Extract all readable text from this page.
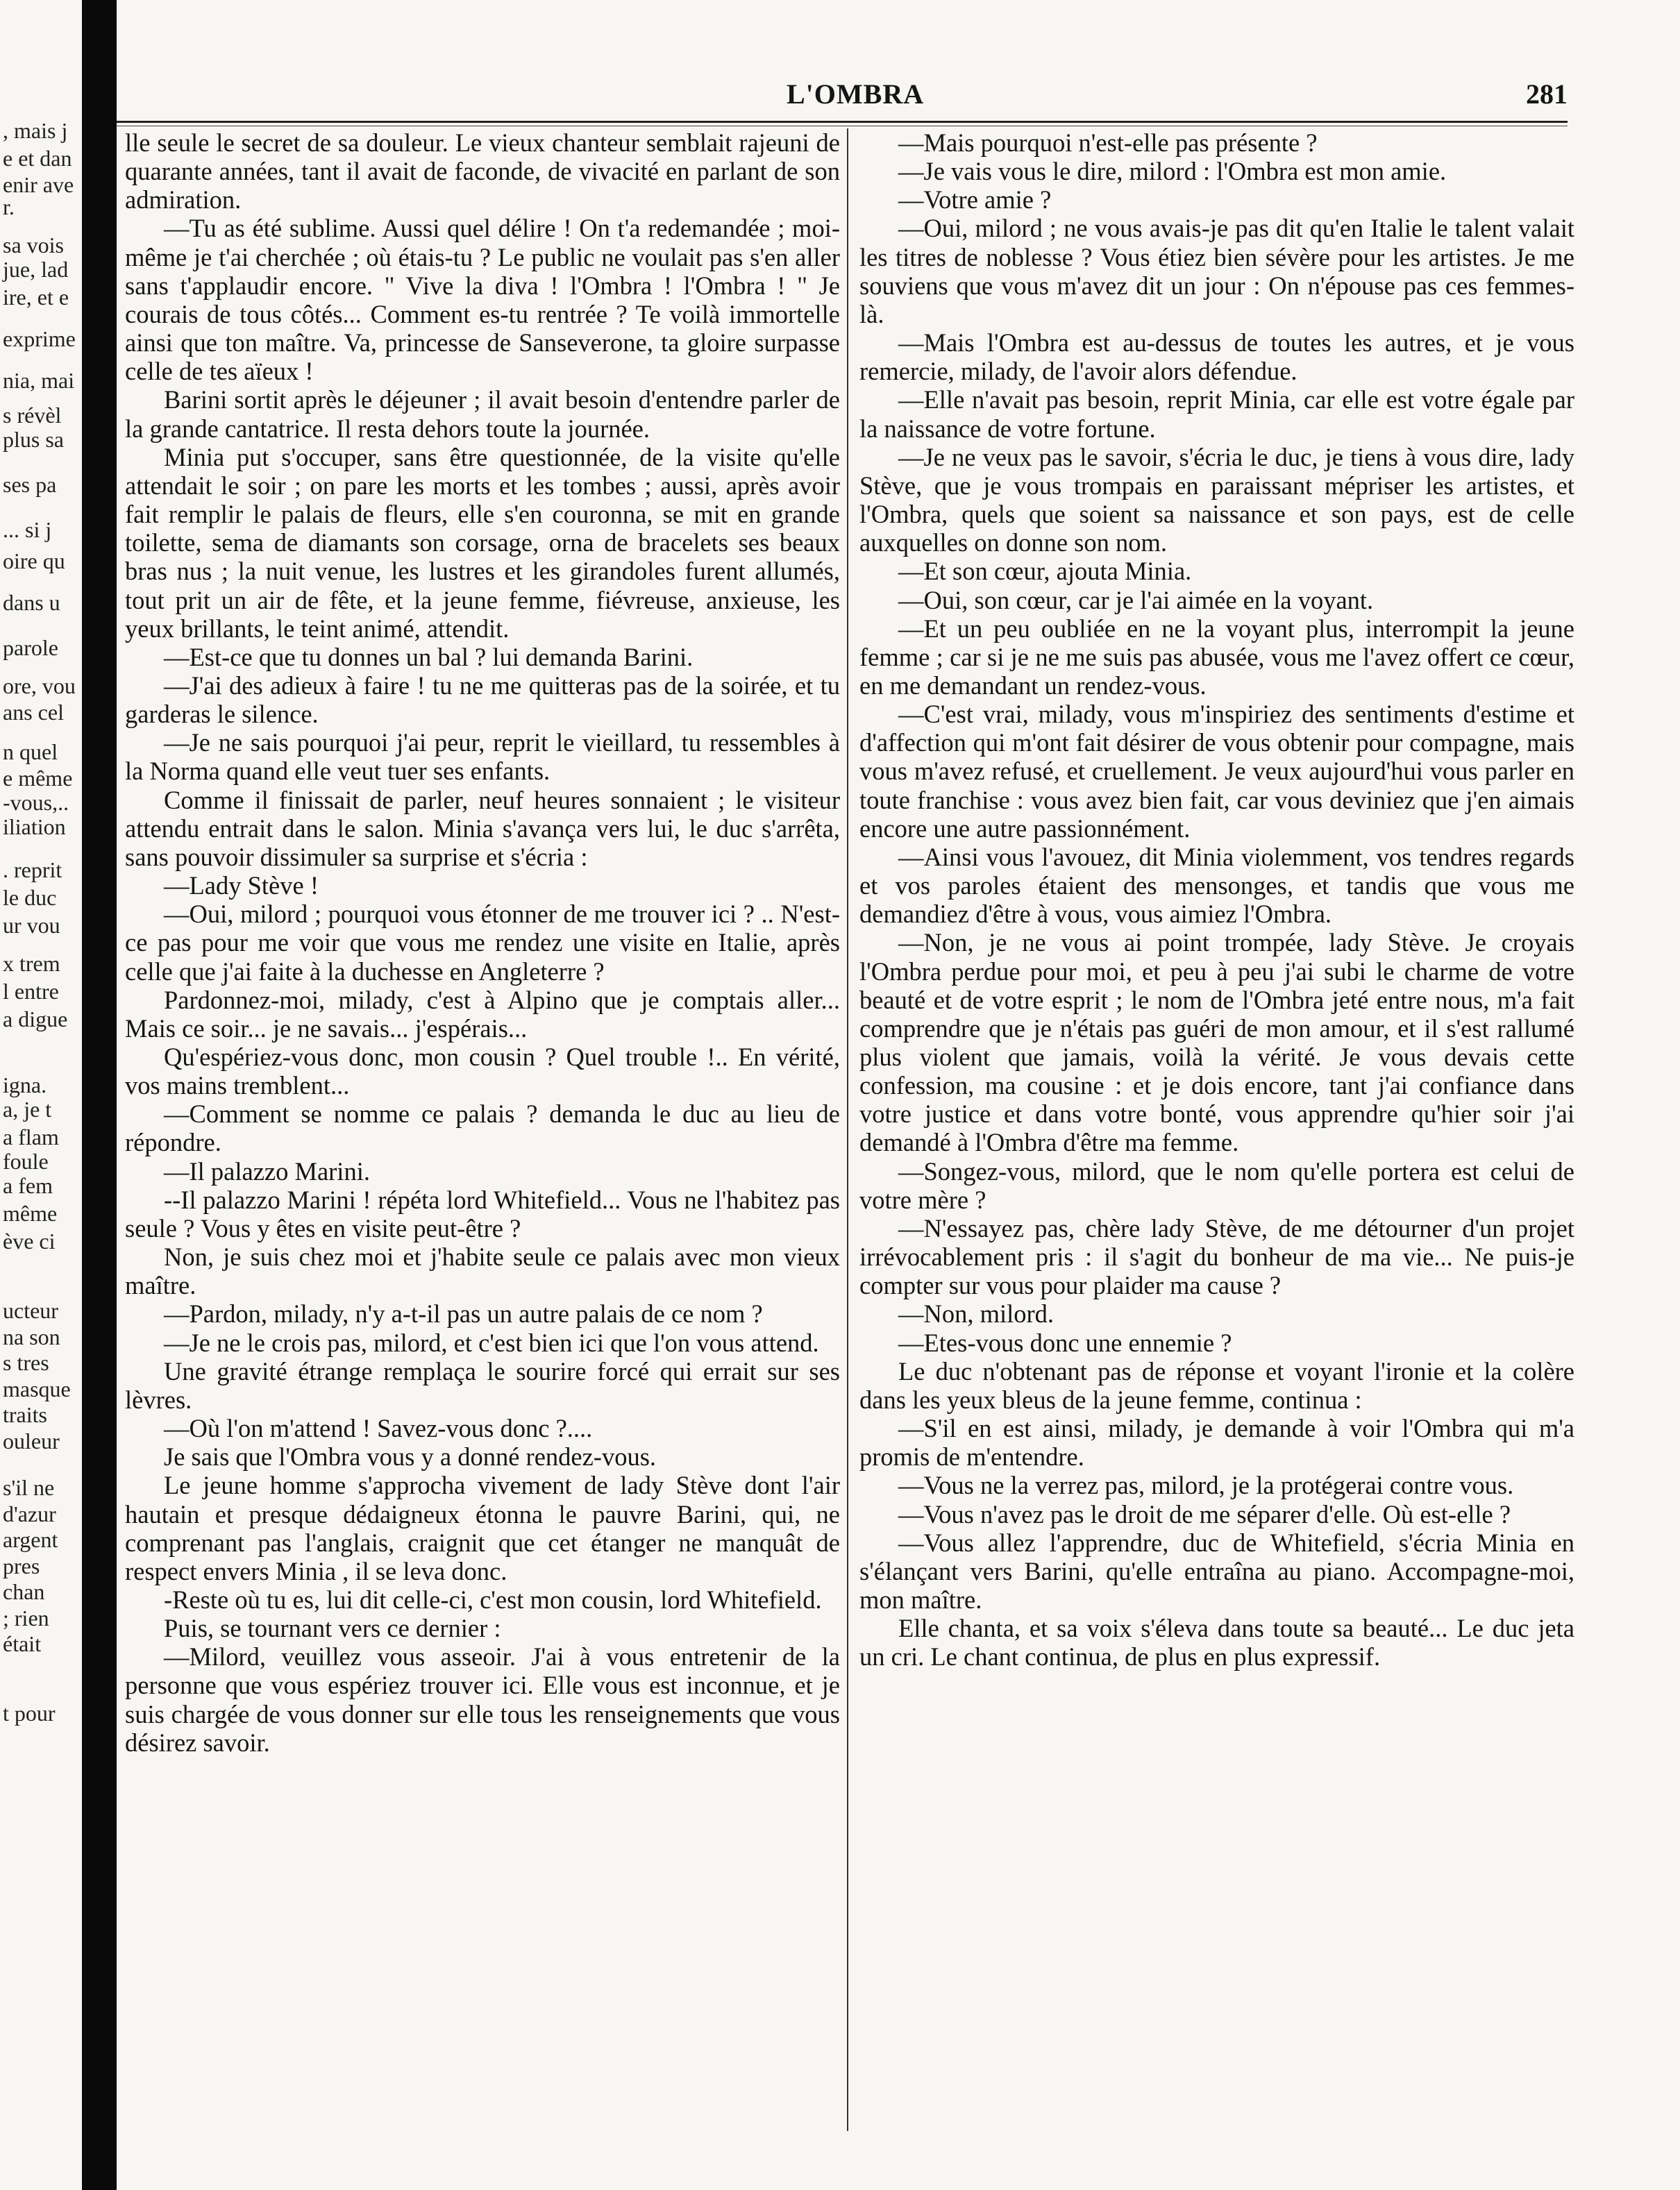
, mais j
e et dan
enir ave
r.
sa vois
jue, lad
ire, et e
exprime
nia, mai
s révèl
plus sa
ses pa
... si j
oire qu
dans u
parole
ore, vou
ans cel
n quel
e même
-vous,..
iliation
. reprit
le duc
ur vou
x trem
l entre
a digue
igna.
a, je t
a flam
foule
a fem
même
ève ci
ucteur
na son
s tres
masque
traits
ouleur
s'il ne
d'azur
argent
pres
chan
; rien
était
t pour
L'OMBRA	281

lle seule le secret de sa douleur. Le vieux chanteur semblait rajeuni de quarante années, tant il avait de faconde, de vivacité en parlant de son admiration.

—Tu as été sublime. Aussi quel délire ! On t'a redemandée ; moi-même je t'ai cherchée ; où étais-tu ? Le public ne voulait pas s'en aller sans t'applaudir encore. " Vive la diva ! l'Ombra ! l'Ombra ! " Je courais de tous côtés... Comment es-tu rentrée ? Te voilà immortelle ainsi que ton maître. Va, princesse de Sanseverone, ta gloire surpasse celle de tes aïeux !

Barini sortit après le déjeuner ; il avait besoin d'entendre parler de la grande cantatrice. Il resta dehors toute la journée.

Minia put s'occuper, sans être questionnée, de la visite qu'elle attendait le soir ; on pare les morts et les tombes ; aussi, après avoir fait remplir le palais de fleurs, elle s'en couronna, se mit en grande toilette, sema de diamants son corsage, orna de bracelets ses beaux bras nus ; la nuit venue, les lustres et les girandoles furent allumés, tout prit un air de fête, et la jeune femme, fiévreuse, anxieuse, les yeux brillants, le teint animé, attendit.

—Est-ce que tu donnes un bal ? lui demanda Barini.

—J'ai des adieux à faire ! tu ne me quitteras pas de la soirée, et tu garderas le silence.

—Je ne sais pourquoi j'ai peur, reprit le vieillard, tu ressembles à la Norma quand elle veut tuer ses enfants.

Comme il finissait de parler, neuf heures sonnaient ; le visiteur attendu entrait dans le salon. Minia s'avança vers lui, le duc s'arrêta, sans pouvoir dissimuler sa surprise et s'écria :

—Lady Stève !

—Oui, milord ; pourquoi vous étonner de me trouver ici ? .. N'est-ce pas pour me voir que vous me rendez une visite en Italie, après celle que j'ai faite à la duchesse en Angleterre ?

Pardonnez-moi, milady, c'est à Alpino que je comptais aller... Mais ce soir... je ne savais... j'espérais...

Qu'espériez-vous donc, mon cousin ? Quel trouble !.. En vérité, vos mains tremblent...

—Comment se nomme ce palais ? demanda le duc au lieu de répondre.

—Il palazzo Marini.

--Il palazzo Marini ! répéta lord Whitefield... Vous ne l'habitez pas seule ? Vous y êtes en visite peut-être ?

Non, je suis chez moi et j'habite seule ce palais avec mon vieux maître.

—Pardon, milady, n'y a-t-il pas un autre palais de ce nom ?

—Je ne le crois pas, milord, et c'est bien ici que l'on vous attend.

Une gravité étrange remplaça le sourire forcé qui errait sur ses lèvres.

—Où l'on m'attend ! Savez-vous donc ?....

Je sais que l'Ombra vous y a donné rendez-vous.

Le jeune homme s'approcha vivement de lady Stève dont l'air hautain et presque dédaigneux étonna le pauvre Barini, qui, ne comprenant pas l'anglais, craignit que cet étanger ne manquât de respect envers Minia , il se leva donc.

-Reste où tu es, lui dit celle-ci, c'est mon cousin, lord Whitefield.

Puis, se tournant vers ce dernier :

—Milord, veuillez vous asseoir. J'ai à vous entretenir de la personne que vous espériez trouver ici. Elle vous est inconnue, et je suis chargée de vous donner sur elle tous les renseignements que vous désirez savoir.

—Mais pourquoi n'est-elle pas présente ?

—Je vais vous le dire, milord : l'Ombra est mon amie.

—Votre amie ?

—Oui, milord ; ne vous avais-je pas dit qu'en Italie le talent valait les titres de noblesse ? Vous étiez bien sévère pour les artistes. Je me souviens que vous m'avez dit un jour : On n'épouse pas ces femmes-là.

—Mais l'Ombra est au-dessus de toutes les autres, et je vous remercie, milady, de l'avoir alors défendue.

—Elle n'avait pas besoin, reprit Minia, car elle est votre égale par la naissance de votre fortune.

—Je ne veux pas le savoir, s'écria le duc, je tiens à vous dire, lady Stève, que je vous trompais en paraissant mépriser les artistes, et l'Ombra, quels que soient sa naissance et son pays, est de celle auxquelles on donne son nom.

—Et son cœur, ajouta Minia.

—Oui, son cœur, car je l'ai aimée en la voyant.

—Et un peu oubliée en ne la voyant plus, interrompit la jeune femme ; car si je ne me suis pas abusée, vous me l'avez offert ce cœur, en me demandant un rendez-vous.

—C'est vrai, milady, vous m'inspiriez des sentiments d'estime et d'affection qui m'ont fait désirer de vous obtenir pour compagne, mais vous m'avez refusé, et cruellement. Je veux aujourd'hui vous parler en toute franchise : vous avez bien fait, car vous deviniez que j'en aimais encore une autre passionnément.

—Ainsi vous l'avouez, dit Minia violemment, vos tendres regards et vos paroles étaient des mensonges, et tandis que vous me demandiez d'être à vous, vous aimiez l'Ombra.

—Non, je ne vous ai point trompée, lady Stève. Je croyais l'Ombra perdue pour moi, et peu à peu j'ai subi le charme de votre beauté et de votre esprit ; le nom de l'Ombra jeté entre nous, m'a fait comprendre que je n'étais pas guéri de mon amour, et il s'est rallumé plus violent que jamais, voilà la vérité. Je vous devais cette confession, ma cousine : et je dois encore, tant j'ai confiance dans votre justice et dans votre bonté, vous apprendre qu'hier soir j'ai demandé à l'Ombra d'être ma femme.

—Songez-vous, milord, que le nom qu'elle portera est celui de votre mère ?

—N'essayez pas, chère lady Stève, de me détourner d'un projet irrévocablement pris : il s'agit du bonheur de ma vie... Ne puis-je compter sur vous pour plaider ma cause ?

—Non, milord.

—Etes-vous donc une ennemie ?

Le duc n'obtenant pas de réponse et voyant l'ironie et la colère dans les yeux bleus de la jeune femme, continua :

—S'il en est ainsi, milady, je demande à voir l'Ombra qui m'a promis de m'entendre.

—Vous ne la verrez pas, milord, je la protégerai contre vous.

—Vous n'avez pas le droit de me séparer d'elle. Où est-elle ?

—Vous allez l'apprendre, duc de Whitefield, s'écria Minia en s'élançant vers Barini, qu'elle entraîna au piano. Accompagne-moi, mon maître.

Elle chanta, et sa voix s'éleva dans toute sa beauté... Le duc jeta un cri. Le chant continua, de plus en plus expressif.
